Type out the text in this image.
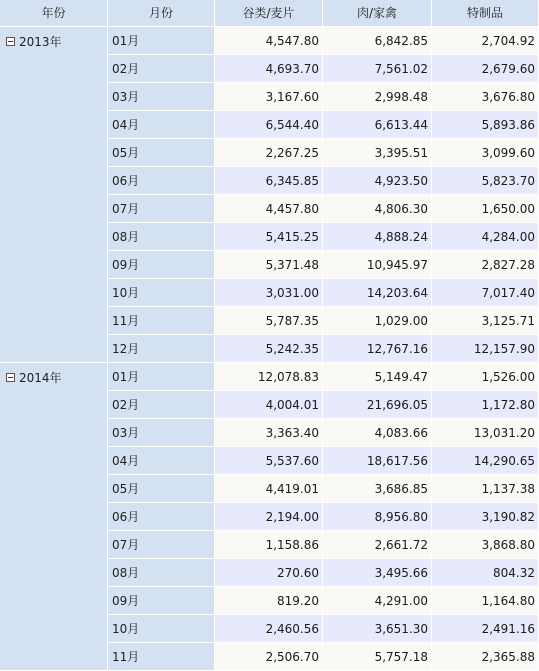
年份	月份	谷类/麦片	肉/家禽	特制品
2013年	01月	4,547.80	6,842.85	2,704.92
02月	4,693.70	7,561.02	2,679.60
03月	3,167.60	2,998.48	3,676.80
04月	6,544.40	6,613.44	5,893.86
05月	2,267.25	3,395.51	3,099.60
06月	6,345.85	4,923.50	5,823.70
07月	4,457.80	4,806.30	1,650.00
08月	5,415.25	4,888.24	4,284.00
09月	5,371.48	10,945.97	2,827.28
10月	3,031.00	14,203.64	7,017.40
11月	5,787.35	1,029.00	3,125.71
12月	5,242.35	12,767.16	12,157.90
2014年	01月	12,078.83	5,149.47	1,526.00
02月	4,004.01	21,696.05	1,172.80
03月	3,363.40	4,083.66	13,031.20
04月	5,537.60	18,617.56	14,290.65
05月	4,419.01	3,686.85	1,137.38
06月	2,194.00	8,956.80	3,190.82
07月	1,158.86	2,661.72	3,868.80
08月	270.60	3,495.66	804.32
09月	819.20	4,291.00	1,164.80
10月	2,460.56	3,651.30	2,491.16
11月	2,506.70	5,757.18	2,365.88
